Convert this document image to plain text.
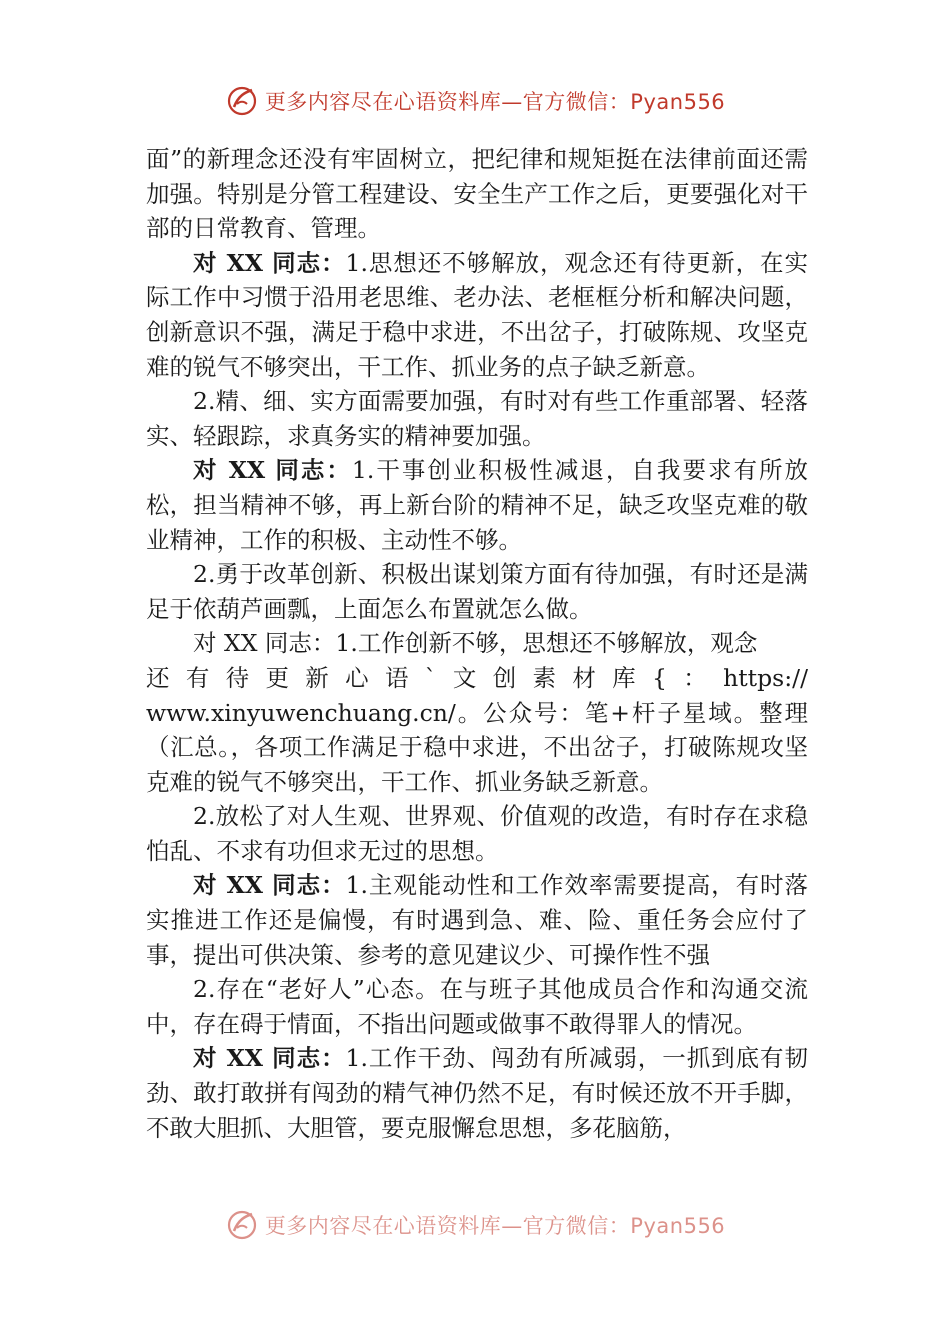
更多内容尽在心语资料库—官方微信：Pyan556

面”的新理念还没有牢固树立，把纪律和规矩挺在法律前面还需加强。特别是分管工程建设、安全生产工作之后，更要强化对干部的日常教育、管理。

对 XX 同志：1.思想还不够解放，观念还有待更新，在实际工作中习惯于沿用老思维、老办法、老框框分析和解决问题，创新意识不强，满足于稳中求进，不出岔子，打破陈规、攻坚克难的锐气不够突出，干工作、抓业务的点子缺乏新意。

2.精、细、实方面需要加强，有时对有些工作重部署、轻落实、轻跟踪，求真务实的精神要加强。

对 XX 同志：1.干事创业积极性减退，自我要求有所放松，担当精神不够，再上新台阶的精神不足，缺乏攻坚克难的敬业精神，工作的积极、主动性不够。

2.勇于改革创新、积极出谋划策方面有待加强，有时还是满足于依葫芦画瓢，上面怎么布置就怎么做。

对 XX 同志：1.工作创新不够，思想还不够解放，观念

还有待更新心语`文创素材库{：https://

www.xinyuwenchuang.cn/。公众号：笔+杆子星域。整理（汇总。，各项工作满足于稳中求进，不出岔子，打破陈规攻坚克难的锐气不够突出，干工作、抓业务缺乏新意。

2.放松了对人生观、世界观、价值观的改造，有时存在求稳怕乱、不求有功但求无过的思想。

对 XX 同志：1.主观能动性和工作效率需要提高，有时落实推进工作还是偏慢，有时遇到急、难、险、重任务会应付了事，提出可供决策、参考的意见建议少、可操作性不强

2.存在“老好人”心态。在与班子其他成员合作和沟通交流中，存在碍于情面，不指出问题或做事不敢得罪人的情况。

对 XX 同志：1.工作干劲、闯劲有所减弱，一抓到底有韧劲、敢打敢拼有闯劲的精气神仍然不足，有时候还放不开手脚，不敢大胆抓、大胆管，要克服懈怠思想，多花脑筋，

更多内容尽在心语资料库—官方微信：Pyan556
